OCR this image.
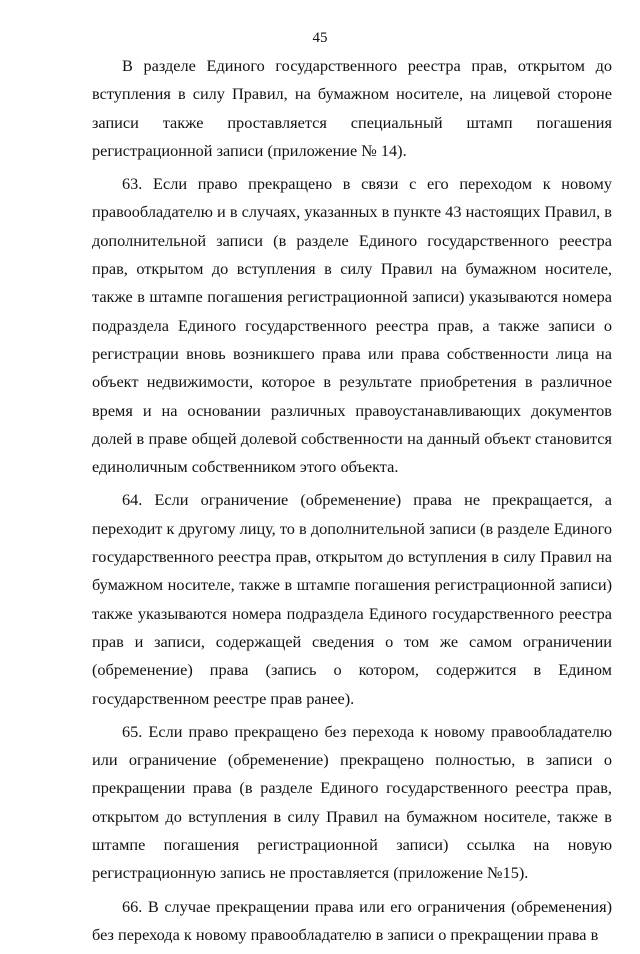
45

В разделе Единого государственного реестра прав, открытом до вступления в силу Правил, на бумажном носителе, на лицевой стороне записи также проставляется специальный штамп погашения регистрационной записи (приложение № 14).

63. Если право прекращено в связи с его переходом к новому правообладателю и в случаях, указанных в пункте 43 настоящих Правил, в дополнительной записи (в разделе Единого государственного реестра прав, открытом до вступления в силу Правил на бумажном носителе, также в штампе погашения регистрационной записи) указываются номера подраздела Единого государственного реестра прав, а также записи о регистрации вновь возникшего права или права собственности лица на объект недвижимости, которое в результате приобретения в различное время и на основании различных правоустанавливающих документов долей в праве общей долевой собственности на данный объект становится единоличным собственником этого объекта.

64. Если ограничение (обременение) права не прекращается, а переходит к другому лицу, то в дополнительной записи (в разделе Единого государственного реестра прав, открытом до вступления в силу Правил на бумажном носителе, также в штампе погашения регистрационной записи) также указываются номера подраздела Единого государственного реестра прав и записи, содержащей сведения о том же самом ограничении (обременение) права (запись о котором, содержится в Едином государственном реестре прав ранее).

65. Если право прекращено без перехода к новому правообладателю или ограничение (обременение) прекращено полностью, в записи о прекращении права (в разделе Единого государственного реестра прав, открытом до вступления в силу Правил на бумажном носителе, также в штампе погашения регистрационной записи) ссылка на новую регистрационную запись не проставляется (приложение №15).

66. В случае прекращении права или его ограничения (обременения) без перехода к новому правообладателю в записи о прекращении права в
